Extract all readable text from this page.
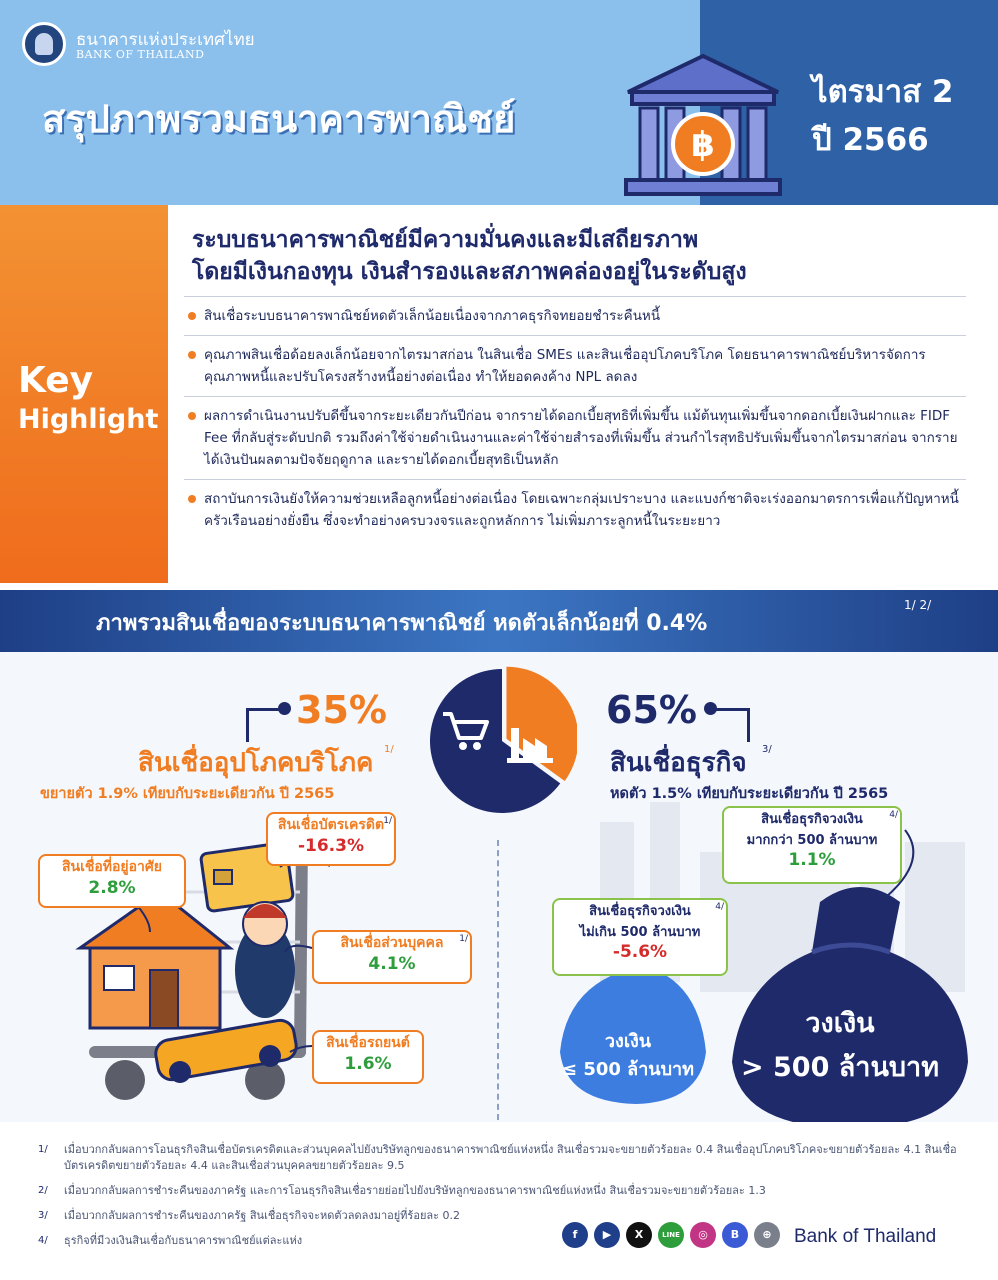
ธนาคารแห่งประเทศไทย
BANK OF THAILAND
สรุปภาพรวมธนาคารพาณิชย์
ไตรมาส 2
ปี 2566
฿
Key
Highlight
ระบบธนาคารพาณิชย์มีความมั่นคงและมีเสถียรภาพ
โดยมีเงินกองทุน เงินสำรองและสภาพคล่องอยู่ในระดับสูง
สินเชื่อระบบธนาคารพาณิชย์หดตัวเล็กน้อยเนื่องจากภาคธุรกิจทยอยชำระคืนหนี้
คุณภาพสินเชื่อด้อยลงเล็กน้อยจากไตรมาสก่อน ในสินเชื่อ SMEs และสินเชื่ออุปโภคบริโภค โดยธนาคารพาณิชย์บริหารจัดการคุณภาพหนี้และปรับโครงสร้างหนี้อย่างต่อเนื่อง ทำให้ยอดคงค้าง NPL ลดลง
ผลการดำเนินงานปรับดีขึ้นจากระยะเดียวกันปีก่อน จากรายได้ดอกเบี้ยสุทธิที่เพิ่มขึ้น แม้ต้นทุนเพิ่มขึ้นจากดอกเบี้ยเงินฝากและ FIDF Fee ที่กลับสู่ระดับปกติ รวมถึงค่าใช้จ่ายดำเนินงานและค่าใช้จ่ายสำรองที่เพิ่มขึ้น ส่วนกำไรสุทธิปรับเพิ่มขึ้นจากไตรมาสก่อน จากรายได้เงินปันผลตามปัจจัยฤดูกาล และรายได้ดอกเบี้ยสุทธิเป็นหลัก
สถาบันการเงินยังให้ความช่วยเหลือลูกหนี้อย่างต่อเนื่อง โดยเฉพาะกลุ่มเปราะบาง และแบงก์ชาติจะเร่งออกมาตรการเพื่อแก้ปัญหาหนี้ครัวเรือนอย่างยั่งยืน ซึ่งจะทำอย่างครบวงจรและถูกหลักการ ไม่เพิ่มภาระลูกหนี้ในระยะยาว
ภาพรวมสินเชื่อของระบบธนาคารพาณิชย์ หดตัวเล็กน้อยที่ 0.4%
1/ 2/
35%	65%
สินเชื่ออุปโภคบริโภค 1/
ขยายตัว 1.9% เทียบกับระยะเดียวกัน ปี 2565
สินเชื่อธุรกิจ 3/
หดตัว 1.5% เทียบกับระยะเดียวกัน ปี 2565
สินเชื่อบัตรเครดิต
-16.3%
1/
สินเชื่อที่อยู่อาศัย
2.8%
สินเชื่อส่วนบุคคล
4.1%
1/
สินเชื่อรถยนต์
1.6%
สินเชื่อธุรกิจวงเงิน
มากกว่า 500 ล้านบาท
1.1%
4/
สินเชื่อธุรกิจวงเงิน
ไม่เกิน 500 ล้านบาท
-5.6%
4/
วงเงิน
≤ 500 ล้านบาท
วงเงิน
> 500 ล้านบาท
1/ เมื่อบวกกลับผลการโอนธุรกิจสินเชื่อบัตรเครดิตและส่วนบุคคลไปยังบริษัทลูกของธนาคารพาณิชย์แห่งหนึ่ง สินเชื่อรวมจะขยายตัวร้อยละ 0.4 สินเชื่ออุปโภคบริโภคจะขยายตัวร้อยละ 4.1 สินเชื่อบัตรเครดิตขยายตัวร้อยละ 4.4 และสินเชื่อส่วนบุคคลขยายตัวร้อยละ 9.5
2/ เมื่อบวกกลับผลการชำระคืนของภาครัฐ และการโอนธุรกิจสินเชื่อรายย่อยไปยังบริษัทลูกของธนาคารพาณิชย์แห่งหนึ่ง สินเชื่อรวมจะขยายตัวร้อยละ 1.3
3/ เมื่อบวกกลับผลการชำระคืนของภาครัฐ สินเชื่อธุรกิจจะหดตัวลดลงมาอยู่ที่ร้อยละ 0.2
4/ ธุรกิจที่มีวงเงินสินเชื่อกับธนาคารพาณิชย์แต่ละแห่ง	f	▶	X	LINE	◎	B	⊕	Bank of Thailand
